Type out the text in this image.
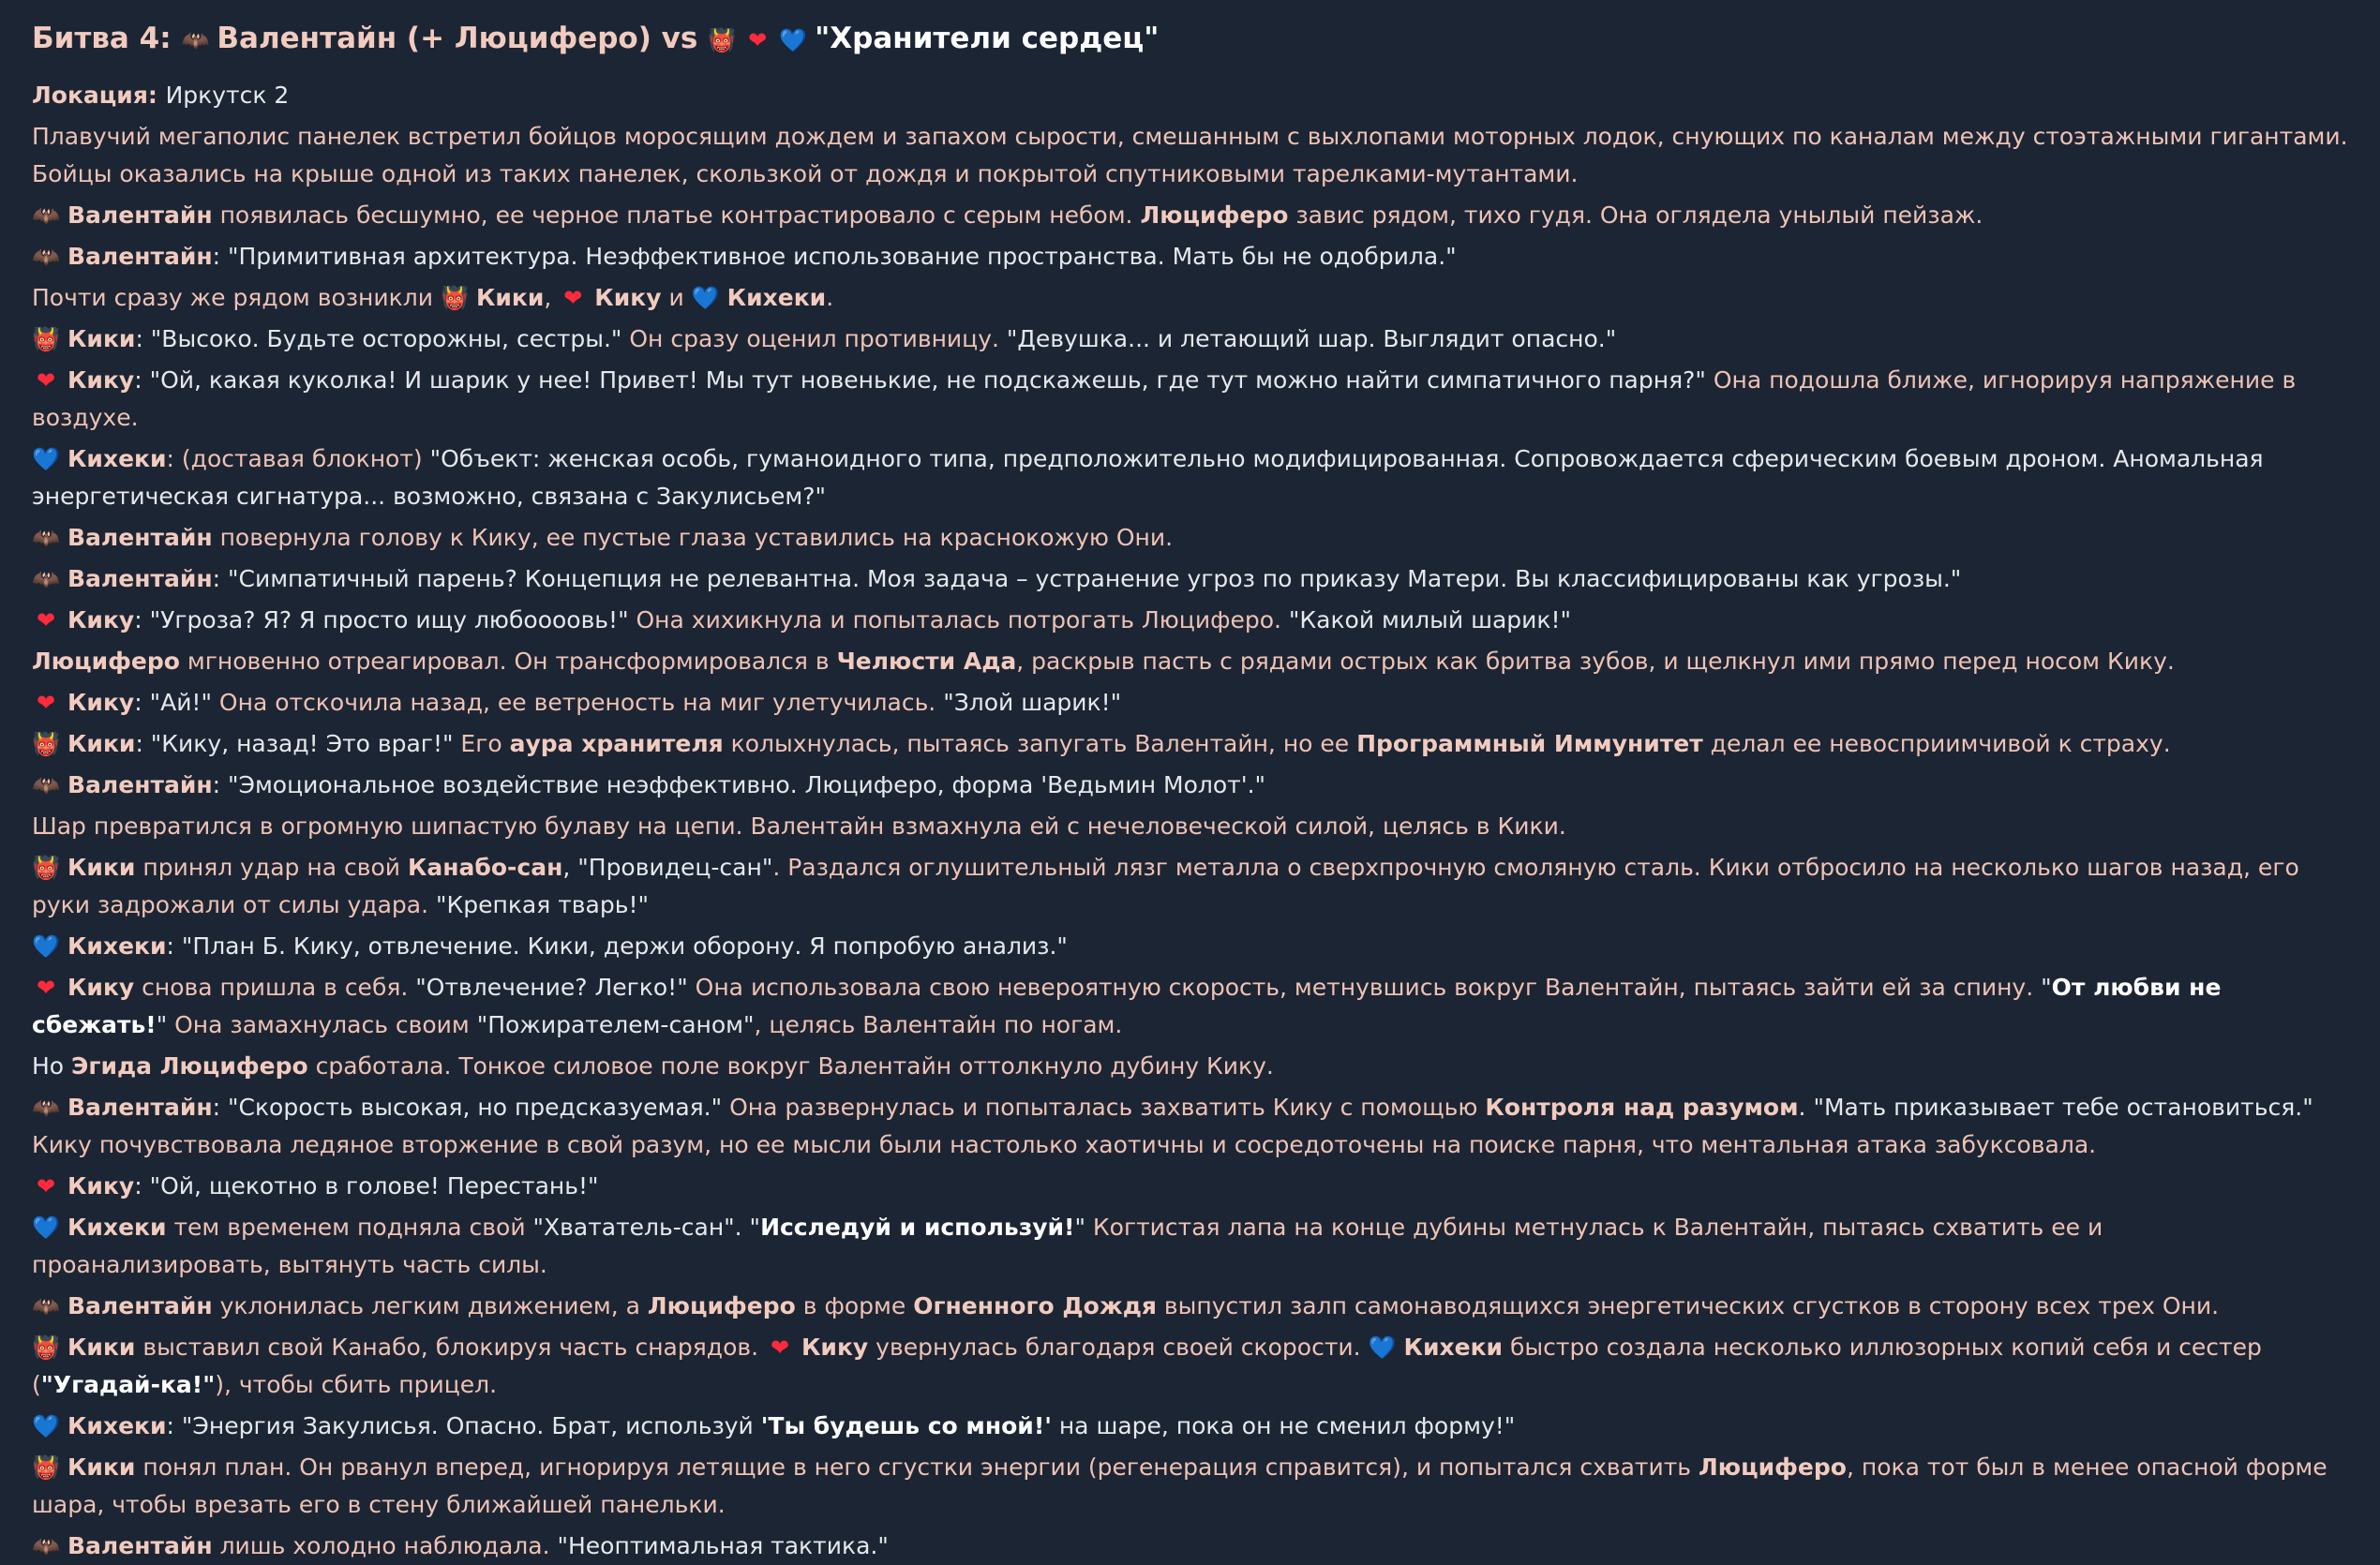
Битва 4: 🦇 Валентайн (+ Люциферо) vs 👹 ❤ 💙 "Хранители сердец"
Локация: Иркутск 2
Плавучий мегаполис панелек встретил бойцов моросящим дождем и запахом сырости, смешанным с выхлопами моторных лодок, снующих по каналам между стоэтажными гигантами. Бойцы оказались на крыше одной из таких панелек, скользкой от дождя и покрытой спутниковыми тарелками-мутантами.
🦇 Валентайн появилась бесшумно, ее черное платье контрастировало с серым небом. Люциферо завис рядом, тихо гудя. Она оглядела унылый пейзаж.
🦇 Валентайн: "Примитивная архитектура. Неэффективное использование пространства. Мать бы не одобрила."
Почти сразу же рядом возникли 👹 Кики, ❤ Кику и 💙 Кихеки.
👹 Кики: "Высоко. Будьте осторожны, сестры." Он сразу оценил противницу. "Девушка... и летающий шар. Выглядит опасно."
❤ Кику: "Ой, какая куколка! И шарик у нее! Привет! Мы тут новенькие, не подскажешь, где тут можно найти симпатичного парня?" Она подошла ближе, игнорируя напряжение в воздухе.
💙 Кихеки: (доставая блокнот) "Объект: женская особь, гуманоидного типа, предположительно модифицированная. Сопровождается сферическим боевым дроном. Аномальная энергетическая сигнатура... возможно, связана с Закулисьем?"
🦇 Валентайн повернула голову к Кику, ее пустые глаза уставились на краснокожую Они.
🦇 Валентайн: "Симпатичный парень? Концепция не релевантна. Моя задача – устранение угроз по приказу Матери. Вы классифицированы как угрозы."
❤ Кику: "Угроза? Я? Я просто ищу любоооовь!" Она хихикнула и попыталась потрогать Люциферо. "Какой милый шарик!"
Люциферо мгновенно отреагировал. Он трансформировался в Челюсти Ада, раскрыв пасть с рядами острых как бритва зубов, и щелкнул ими прямо перед носом Кику.
❤ Кику: "Ай!" Она отскочила назад, ее ветреность на миг улетучилась. "Злой шарик!"
👹 Кики: "Кику, назад! Это враг!" Его аура хранителя колыхнулась, пытаясь запугать Валентайн, но ее Программный Иммунитет делал ее невосприимчивой к страху.
🦇 Валентайн: "Эмоциональное воздействие неэффективно. Люциферо, форма 'Ведьмин Молот'."
Шар превратился в огромную шипастую булаву на цепи. Валентайн взмахнула ей с нечеловеческой силой, целясь в Кики.
👹 Кики принял удар на свой Канабо-сан, "Провидец-сан". Раздался оглушительный лязг металла о сверхпрочную смоляную сталь. Кики отбросило на несколько шагов назад, его руки задрожали от силы удара. "Крепкая тварь!"
💙 Кихеки: "План Б. Кику, отвлечение. Кики, держи оборону. Я попробую анализ."
❤ Кику снова пришла в себя. "Отвлечение? Легко!" Она использовала свою невероятную скорость, метнувшись вокруг Валентайн, пытаясь зайти ей за спину. "От любви не сбежать!" Она замахнулась своим "Пожирателем-саном", целясь Валентайн по ногам.
Но Эгида Люциферо сработала. Тонкое силовое поле вокруг Валентайн оттолкнуло дубину Кику.
🦇 Валентайн: "Скорость высокая, но предсказуемая." Она развернулась и попыталась захватить Кику с помощью Контроля над разумом. "Мать приказывает тебе остановиться." Кику почувствовала ледяное вторжение в свой разум, но ее мысли были настолько хаотичны и сосредоточены на поиске парня, что ментальная атака забуксовала.
❤ Кику: "Ой, щекотно в голове! Перестань!"
💙 Кихеки тем временем подняла свой "Хвататель-сан". "Исследуй и используй!" Когтистая лапа на конце дубины метнулась к Валентайн, пытаясь схватить ее и проанализировать, вытянуть часть силы.
🦇 Валентайн уклонилась легким движением, а Люциферо в форме Огненного Дождя выпустил залп самонаводящихся энергетических сгустков в сторону всех трех Они.
👹 Кики выставил свой Канабо, блокируя часть снарядов. ❤ Кику увернулась благодаря своей скорости. 💙 Кихеки быстро создала несколько иллюзорных копий себя и сестер ("Угадай-ка!"), чтобы сбить прицел.
💙 Кихеки: "Энергия Закулисья. Опасно. Брат, используй 'Ты будешь со мной!' на шаре, пока он не сменил форму!"
👹 Кики понял план. Он рванул вперед, игнорируя летящие в него сгустки энергии (регенерация справится), и попытался схватить Люциферо, пока тот был в менее опасной форме шара, чтобы врезать его в стену ближайшей панельки.
🦇 Валентайн лишь холодно наблюдала. "Неоптимальная тактика."
